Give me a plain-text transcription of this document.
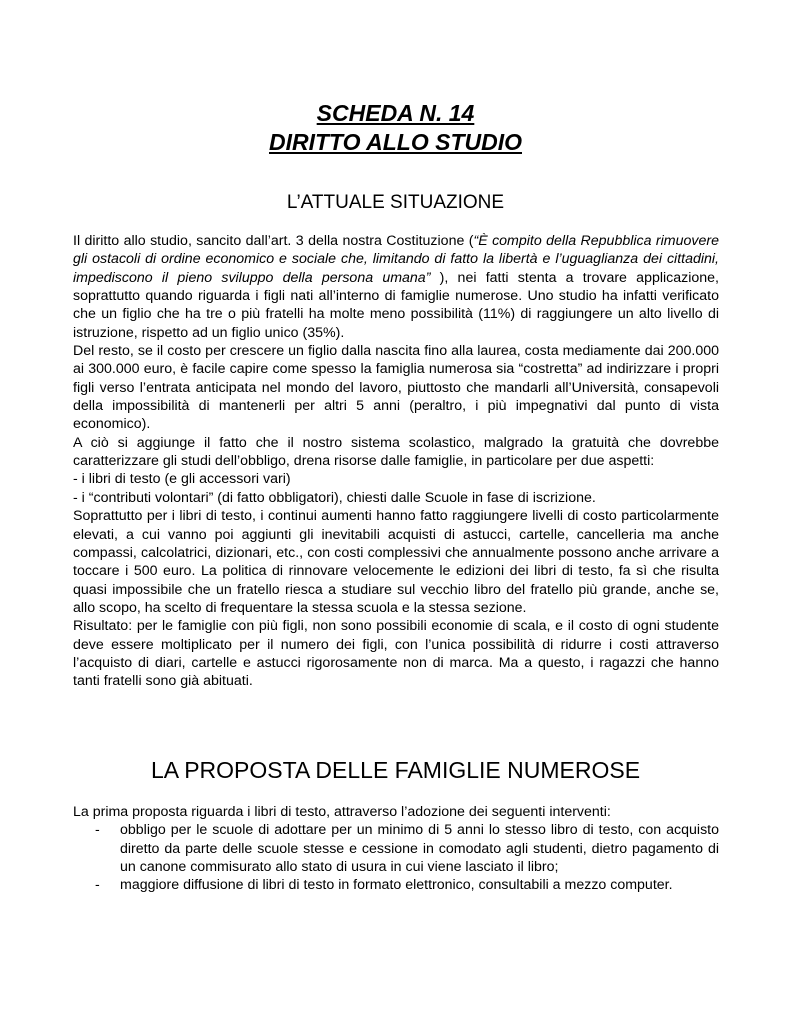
SCHEDA N. 14
DIRITTO ALLO STUDIO
L’ATTUALE SITUAZIONE

Il diritto allo studio, sancito dall’art. 3 della nostra Costituzione (“È compito della Repubblica rimuovere gli ostacoli di ordine economico e sociale che, limitando di fatto la libertà e l’uguaglianza dei cittadini, impediscono il pieno sviluppo della persona umana” ), nei fatti stenta a trovare applicazione, soprattutto quando riguarda i figli nati all’interno di famiglie numerose. Uno studio ha infatti verificato che un figlio che ha tre o più fratelli ha molte meno possibilità (11%) di raggiungere un alto livello di istruzione, rispetto ad un figlio unico (35%).

Del resto, se il costo per crescere un figlio dalla nascita fino alla laurea, costa mediamente dai 200.000 ai 300.000 euro, è facile capire come spesso la famiglia numerosa sia “costretta” ad indirizzare i propri figli verso l’entrata anticipata nel mondo del lavoro, piuttosto che mandarli all’Università, consapevoli della impossibilità di mantenerli per altri 5 anni (peraltro, i più impegnativi dal punto di vista economico).

A ciò si aggiunge il fatto che il nostro sistema scolastico, malgrado la gratuità che dovrebbe caratterizzare gli studi dell’obbligo, drena risorse dalle famiglie, in particolare per due aspetti:

- i libri di testo (e gli accessori vari)

- i “contributi volontari” (di fatto obbligatori), chiesti dalle Scuole in fase di iscrizione.

Soprattutto per i libri di testo, i continui aumenti hanno fatto raggiungere livelli di costo particolarmente elevati, a cui vanno poi aggiunti gli inevitabili acquisti di astucci, cartelle, cancelleria ma anche compassi, calcolatrici, dizionari, etc., con costi complessivi che annualmente possono anche arrivare a toccare i 500 euro. La politica di rinnovare velocemente le edizioni dei libri di testo, fa sì che risulta quasi impossibile che un fratello riesca a studiare sul vecchio libro del fratello più grande, anche se, allo scopo, ha scelto di frequentare la stessa scuola e la stessa sezione.

Risultato: per le famiglie con più figli, non sono possibili economie di scala, e il costo di ogni studente deve essere moltiplicato per il numero dei figli, con l’unica possibilità di ridurre i costi attraverso l’acquisto di diari, cartelle e astucci rigorosamente non di marca. Ma a questo, i ragazzi che hanno tanti fratelli sono già abituati.

LA PROPOSTA DELLE FAMIGLIE NUMEROSE

La prima proposta riguarda i libri di testo, attraverso l’adozione dei seguenti interventi:

- obbligo per le scuole di adottare per un minimo di 5 anni lo stesso libro di testo, con acquisto diretto da parte delle scuole stesse e cessione in comodato agli studenti, dietro pagamento di un canone commisurato allo stato di usura in cui viene lasciato il libro;
- maggiore diffusione di libri di testo in formato elettronico, consultabili a mezzo computer.
